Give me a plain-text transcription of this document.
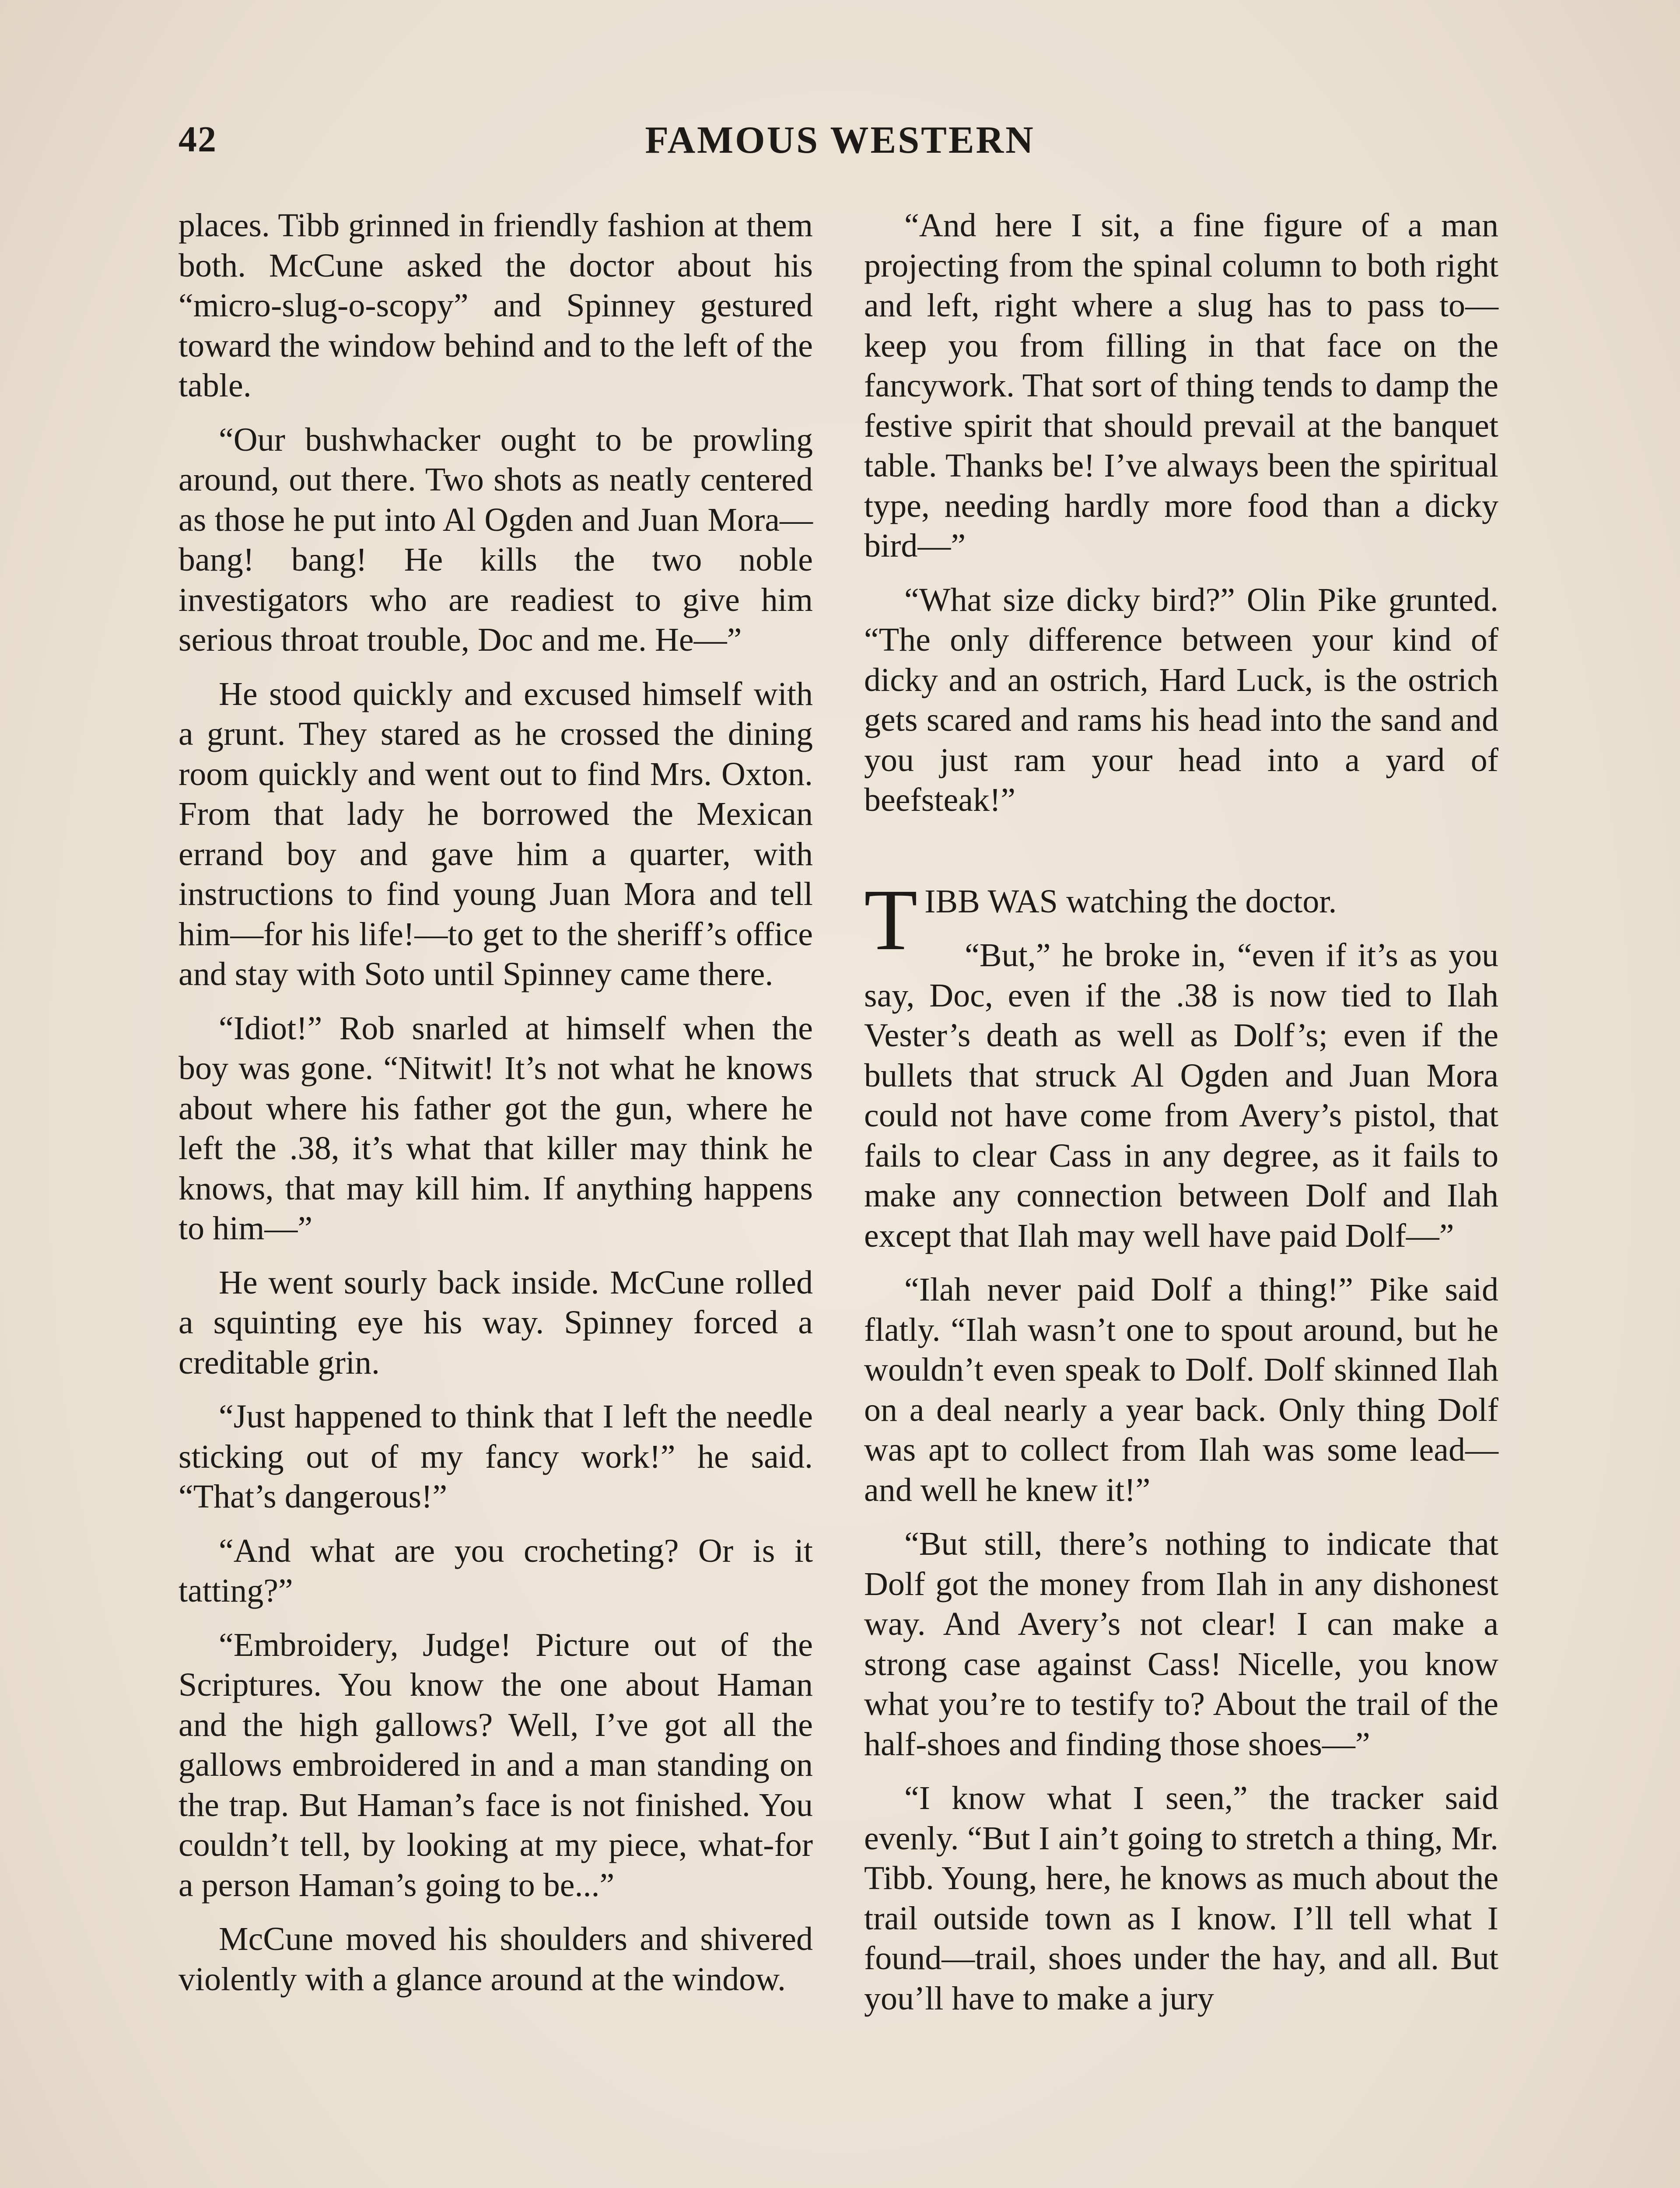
42	FAMOUS WESTERN

places. Tibb grinned in friendly fashion at them both. McCune asked the doctor about his “micro-slug-o-scopy” and Spinney gestured toward the window behind and to the left of the table.

“Our bushwhacker ought to be prowling around, out there. Two shots as neatly centered as those he put into Al Ogden and Juan Mora—bang! bang! He kills the two noble investigators who are readiest to give him serious throat trouble, Doc and me. He—”

He stood quickly and excused himself with a grunt. They stared as he crossed the dining room quickly and went out to find Mrs. Oxton. From that lady he borrowed the Mexican errand boy and gave him a quarter, with instructions to find young Juan Mora and tell him—for his life!—to get to the sheriff’s office and stay with Soto until Spinney came there.

“Idiot!” Rob snarled at himself when the boy was gone. “Nitwit! It’s not what he knows about where his father got the gun, where he left the .38, it’s what that killer may think he knows, that may kill him. If anything happens to him—”

He went sourly back inside. McCune rolled a squinting eye his way. Spinney forced a creditable grin.

“Just happened to think that I left the needle sticking out of my fancy work!” he said. “That’s dangerous!”

“And what are you crocheting? Or is it tatting?”

“Embroidery, Judge! Picture out of the Scriptures. You know the one about Haman and the high gallows? Well, I’ve got all the gallows embroidered in and a man standing on the trap. But Haman’s face is not finished. You couldn’t tell, by looking at my piece, what-for a person Haman’s going to be...”

McCune moved his shoulders and shivered violently with a glance around at the window.

“And here I sit, a fine figure of a man projecting from the spinal column to both right and left, right where a slug has to pass to—keep you from filling in that face on the fancywork. That sort of thing tends to damp the festive spirit that should prevail at the banquet table. Thanks be! I’ve always been the spiritual type, needing hardly more food than a dicky bird—”

“What size dicky bird?” Olin Pike grunted. “The only difference between your kind of dicky and an ostrich, Hard Luck, is the ostrich gets scared and rams his head into the sand and you just ram your head into a yard of beefsteak!”

TIBB WAS watching the doctor.

“But,” he broke in, “even if it’s as you say, Doc, even if the .38 is now tied to Ilah Vester’s death as well as Dolf’s; even if the bullets that struck Al Ogden and Juan Mora could not have come from Avery’s pistol, that fails to clear Cass in any degree, as it fails to make any connection between Dolf and Ilah except that Ilah may well have paid Dolf—”

“Ilah never paid Dolf a thing!” Pike said flatly. “Ilah wasn’t one to spout around, but he wouldn’t even speak to Dolf. Dolf skinned Ilah on a deal nearly a year back. Only thing Dolf was apt to collect from Ilah was some lead—and well he knew it!”

“But still, there’s nothing to indicate that Dolf got the money from Ilah in any dishonest way. And Avery’s not clear! I can make a strong case against Cass! Nicelle, you know what you’re to testify to? About the trail of the half-shoes and finding those shoes—”

“I know what I seen,” the tracker said evenly. “But I ain’t going to stretch a thing, Mr. Tibb. Young, here, he knows as much about the trail outside town as I know. I’ll tell what I found—trail, shoes under the hay, and all. But you’ll have to make a jury
